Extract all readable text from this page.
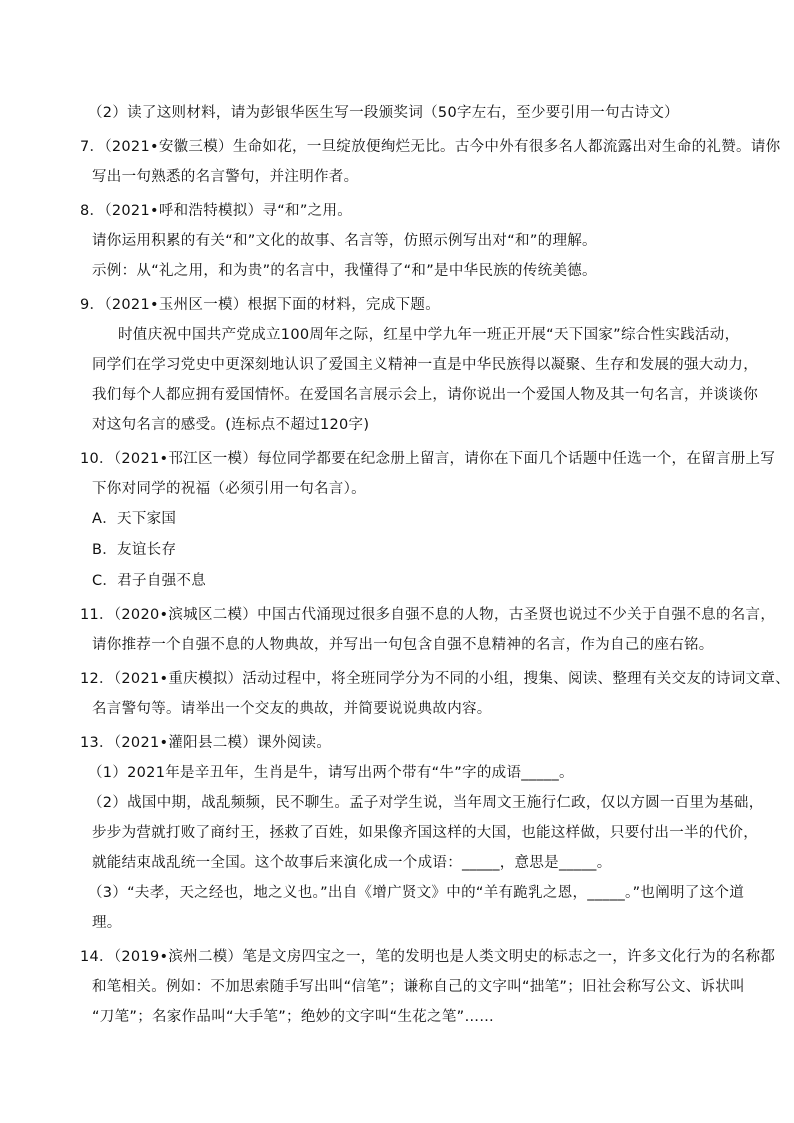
（2）读了这则材料，请为彭银华医生写一段颁奖词（50字左右，至少要引用一句古诗文）
7．（2021•安徽三模）生命如花，一旦绽放便绚烂无比。古今中外有很多名人都流露出对生命的礼赞。请你
写出一句熟悉的名言警句，并注明作者。
8．（2021•呼和浩特模拟）寻“和”之用。
请你运用积累的有关“和”文化的故事、名言等，仿照示例写出对“和”的理解。
示例：从“礼之用，和为贵”的名言中，我懂得了“和”是中华民族的传统美德。
9．（2021•玉州区一模）根据下面的材料，完成下题。
时值庆祝中国共产党成立100周年之际，红星中学九年一班正开展“天下国家”综合性实践活动，
同学们在学习党史中更深刻地认识了爱国主义精神一直是中华民族得以凝聚、生存和发展的强大动力，
我们每个人都应拥有爱国情怀。在爱国名言展示会上，请你说出一个爱国人物及其一句名言，并谈谈你
对这句名言的感受。(连标点不超过120字)
10．（2021•邗江区一模）每位同学都要在纪念册上留言，请你在下面几个话题中任选一个，在留言册上写
下你对同学的祝福（必须引用一句名言）。
A．天下家国
B．友谊长存
C．君子自强不息
11．（2020•滨城区二模）中国古代涌现过很多自强不息的人物，古圣贤也说过不少关于自强不息的名言，
请你推荐一个自强不息的人物典故，并写出一句包含自强不息精神的名言，作为自己的座右铭。
12．（2021•重庆模拟）活动过程中，将全班同学分为不同的小组，搜集、阅读、整理有关交友的诗词文章、
名言警句等。请举出一个交友的典故，并简要说说典故内容。
13．（2021•灌阳县二模）课外阅读。
（1）2021年是辛丑年，生肖是牛，请写出两个带有“牛”字的成语_____。
（2）战国中期，战乱频频，民不聊生。孟子对学生说，当年周文王施行仁政，仅以方圆一百里为基础，
步步为营就打败了商纣王，拯救了百姓，如果像齐国这样的大国，也能这样做，只要付出一半的代价，
就能结束战乱统一全国。这个故事后来演化成一个成语：_____，意思是_____。
（3）“夫孝，天之经也，地之义也。”出自《增广贤文》中的“羊有跪乳之恩，_____。”也阐明了这个道
理。
14．（2019•滨州二模）笔是文房四宝之一，笔的发明也是人类文明史的标志之一，许多文化行为的名称都
和笔相关。例如：不加思索随手写出叫“信笔”；谦称自己的文字叫“拙笔”；旧社会称写公文、诉状叫
“刀笔”；名家作品叫“大手笔”；绝妙的文字叫“生花之笔”……
